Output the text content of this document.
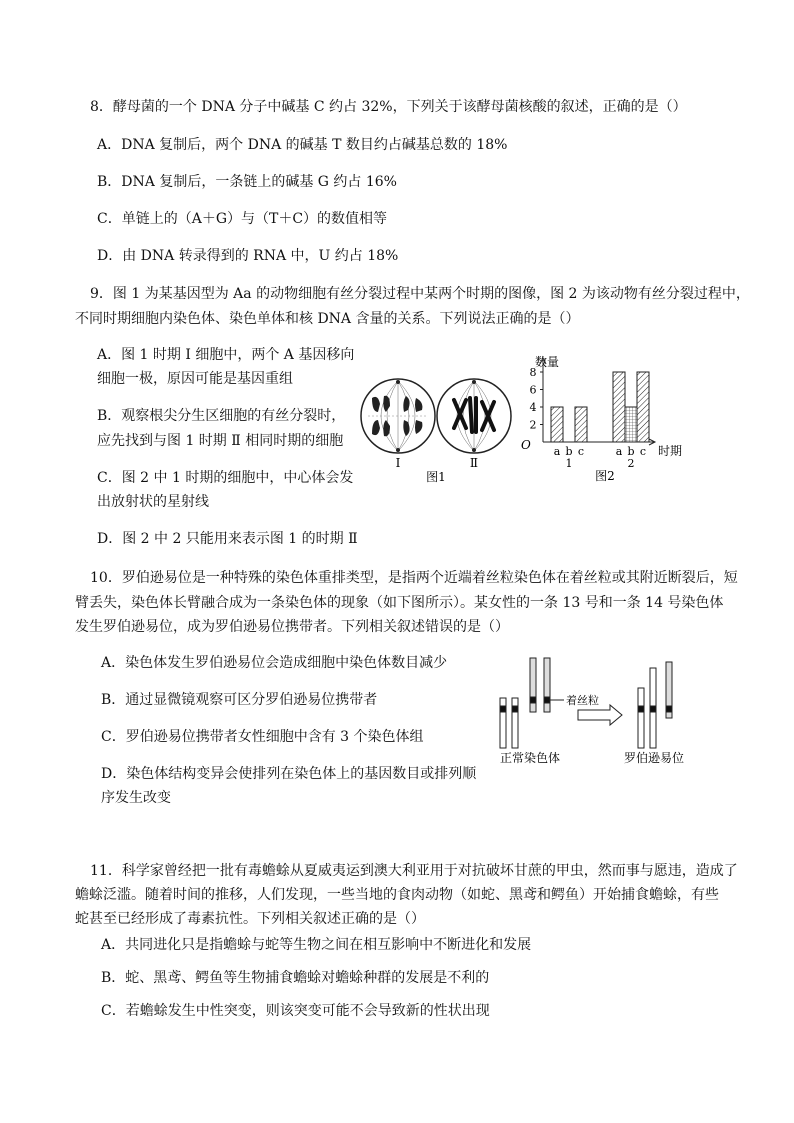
8．酵母菌的一个 DNA 分子中碱基 C 约占 32%，下列关于该酵母菌核酸的叙述，正确的是（）
A．DNA 复制后，两个 DNA 的碱基 T 数目约占碱基总数的 18%
B．DNA 复制后，一条链上的碱基 G 约占 16%
C．单链上的（A＋G）与（T＋C）的数值相等
D．由 DNA 转录得到的 RNA 中，U 约占 18%
9．图 1 为某基因型为 Aa 的动物细胞有丝分裂过程中某两个时期的图像，图 2 为该动物有丝分裂过程中，
不同时期细胞内染色体、染色单体和核 DNA 含量的关系。下列说法正确的是（）
A．图 1 时期 Ⅰ 细胞中，两个 A 基因移向
细胞一极，原因可能是基因重组
B．观察根尖分生区细胞的有丝分裂时，
应先找到与图 1 时期 Ⅱ 相同时期的细胞
C．图 2 中 1 时期的细胞中，中心体会发
出放射状的星射线
D．图 2 中 2 只能用来表示图 1 的时期 Ⅱ
Ⅰ	Ⅱ
图1
数量
O	时期
图2
8
6
4
2
a b c
1
a b c
2
10．罗伯逊易位是一种特殊的染色体重排类型，是指两个近端着丝粒染色体在着丝粒或其附近断裂后，短
臂丢失，染色体长臂融合成为一条染色体的现象（如下图所示）。某女性的一条 13 号和一条 14 号染色体
发生罗伯逊易位，成为罗伯逊易位携带者。下列相关叙述错误的是（）
A．染色体发生罗伯逊易位会造成细胞中染色体数目减少
B．通过显微镜观察可区分罗伯逊易位携带者
C．罗伯逊易位携带者女性细胞中含有 3 个染色体组
D．染色体结构变异会使排列在染色体上的基因数目或排列顺
序发生改变
着丝粒
正常染色体	罗伯逊易位
11．科学家曾经把一批有毒蟾蜍从夏威夷运到澳大利亚用于对抗破坏甘蔗的甲虫，然而事与愿违，造成了
蟾蜍泛滥。随着时间的推移，人们发现，一些当地的食肉动物（如蛇、黑鸢和鳄鱼）开始捕食蟾蜍，有些
蛇甚至已经形成了毒素抗性。下列相关叙述正确的是（）
A．共同进化只是指蟾蜍与蛇等生物之间在相互影响中不断进化和发展
B．蛇、黑鸢、鳄鱼等生物捕食蟾蜍对蟾蜍种群的发展是不利的
C．若蟾蜍发生中性突变，则该突变可能不会导致新的性状出现
